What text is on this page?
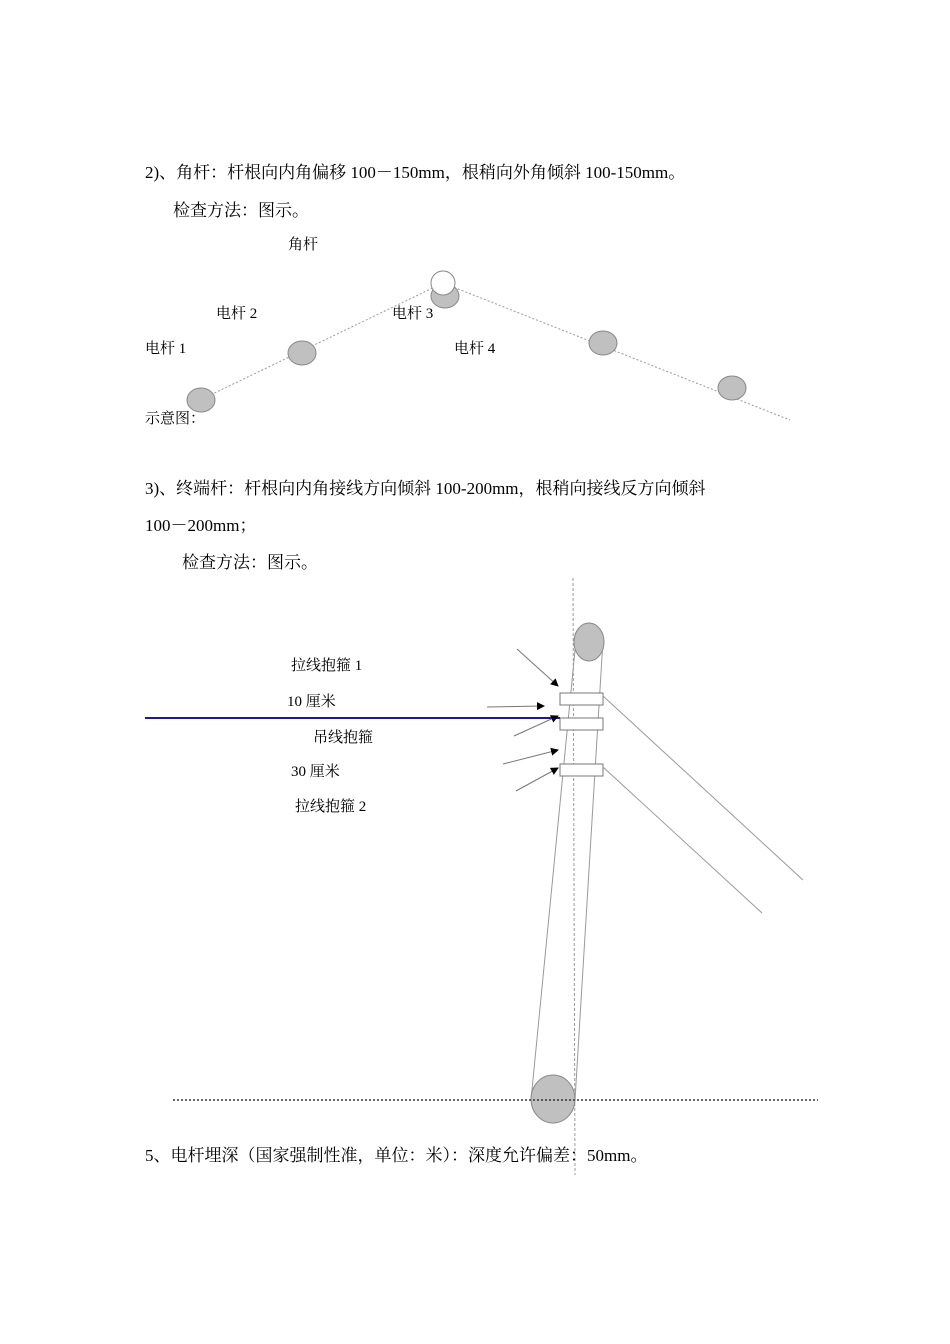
2)、角杆：杆根向内角偏移 100－150mm，根稍向外角倾斜 100-150mm。
检查方法：图示。
角杆
电杆 2	电杆 3
电杆 1	电杆 4
示意图：
3)、终端杆：杆根向内角接线方向倾斜 100-200mm，根稍向接线反方向倾斜
100－200mm；
检查方法：图示。
拉线抱箍 1
10 厘米
吊线抱箍
30 厘米
拉线抱箍 2
5、电杆埋深（国家强制性准，单位：米）：深度允许偏差：50mm。
